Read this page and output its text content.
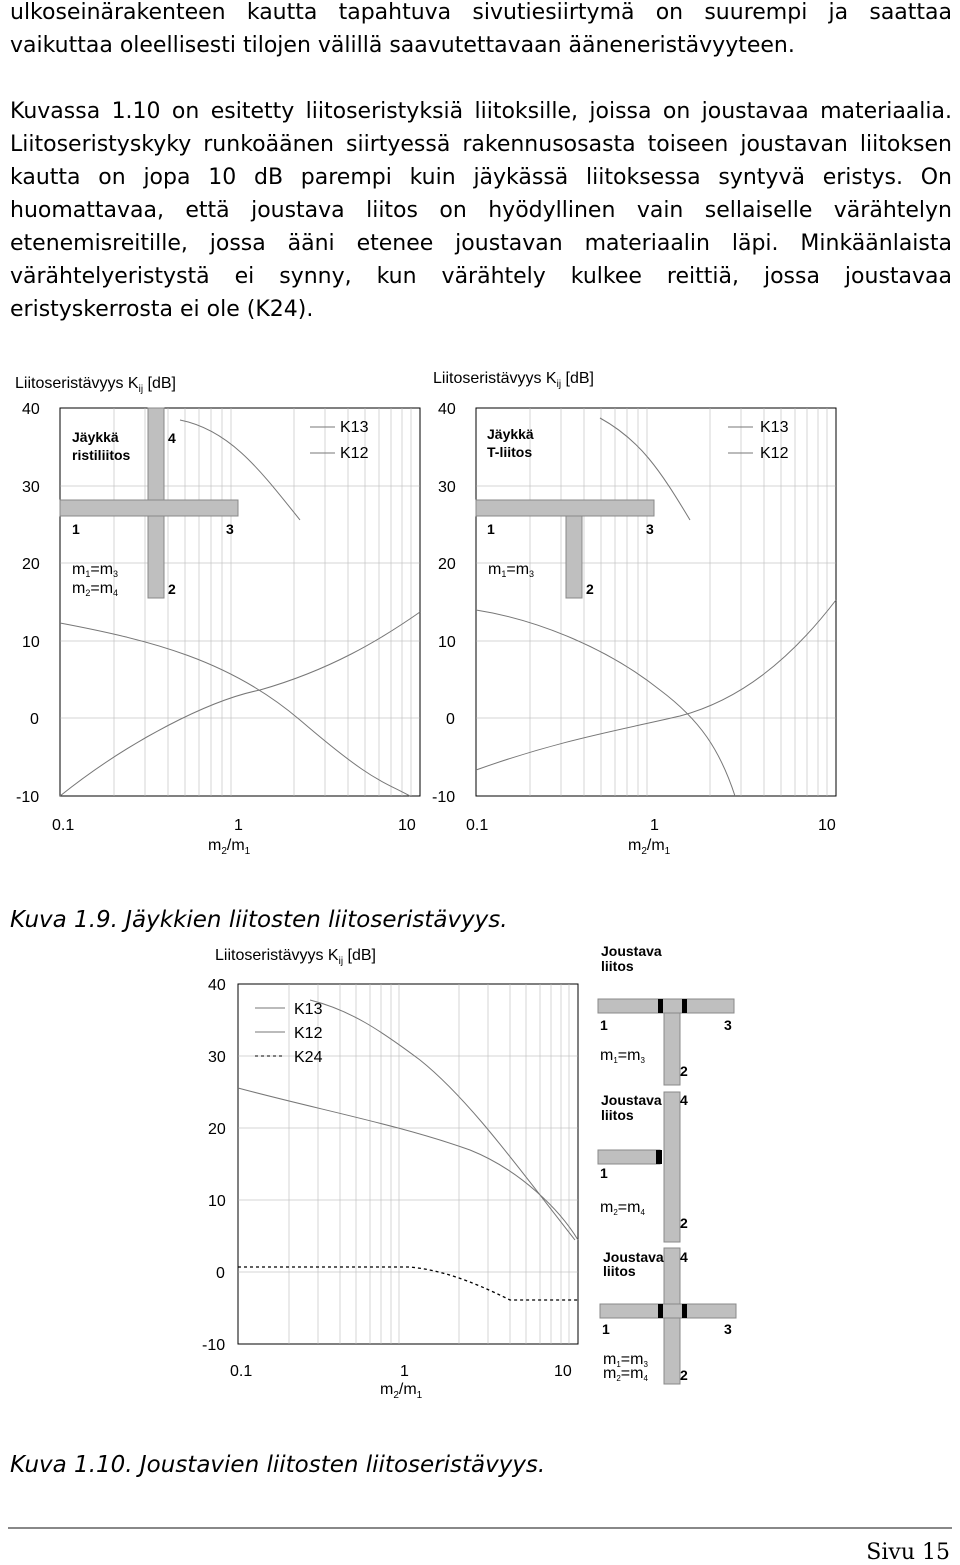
ulkoseinärakenteen kautta tapahtuva sivutiesiirtymä on suurempi ja saattaa vaikuttaa oleellisesti tilojen välillä saavutettavaan ääneneristävyyteen.

Kuvassa 1.10 on esitetty liitoseristyksiä liitoksille, joissa on joustavaa materiaalia. Liitoseristyskyky runkoäänen siirtyessä rakennusosasta toiseen joustavan liitoksen kautta on jopa 10 dB parempi kuin jäykässä liitoksessa syntyvä eristys. On huomattavaa, että joustava liitos on hyödyllinen vain sellaiselle värähtelyn etenemisreitille, jossa ääni etenee joustavan materiaalin läpi. Minkäänlaista värähtelyeristystä ei synny, kun värähtely kulkee reittiä, jossa joustavaa eristyskerrosta ei ole (K24).

Kuva 1.9. Jäykkien liitosten liitoseristävyys.

Kuva 1.10. Joustavien liitosten liitoseristävyys.

Sivu 15
Liitoseristävyys $K_{ij}$ [dB]
40
30
20
10
0
-10
0.1	1	10
$m_2/m_1$
Jäykkä
ristiliitos
K13
K12
4
1	3
2
m1=m3
m2=m4
Liitoseristävyys $K_{ij}$ [dB]
40
30
20
10
0
-10
0.1	1	10
$m_2/m_1$
Jäykkä
T-liitos
K13
K12
1	3
2
m1=m3
Liitoseristävyys $K_{ij}$ [dB]
40
30
20
10
0
-10
0.1	1	10
$m_2/m_1$
K13
K12
K24
Joustava
liitos
1	3
2
m1=m3
Joustava
liitos
4
1
2
m2=m4
Joustava
liitos
4
1	3
2
m1=m3
m2=m4
